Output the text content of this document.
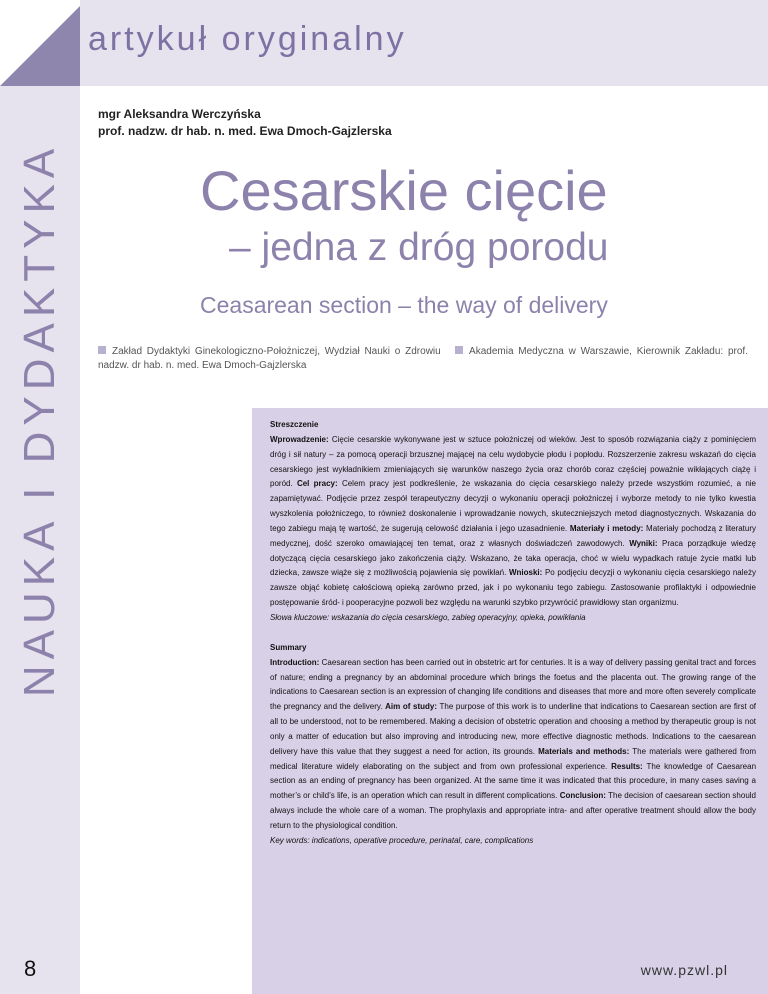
NAUKA I DYDAKTYKA
artykuł oryginalny
mgr Aleksandra Werczyńska
prof. nadzw. dr hab. n. med. Ewa Dmoch-Gajzlerska
Cesarskie cięcie
– jedna z dróg porodu
Ceasarean section – the way of delivery
Zakład Dydaktyki Ginekologiczno-Położniczej, Wydział Nauki o Zdrowiu	Akademia Medyczna w Warszawie, Kierownik Zakładu: prof. nadzw. dr hab. n. med. Ewa Dmoch-Gajzlerska

Streszczenie

Wprowadzenie: Cięcie cesarskie wykonywane jest w sztuce położniczej od wieków. Jest to sposób rozwiązania ciąży z pominięciem dróg i sił natury – za pomocą operacji brzusznej mającej na celu wydobycie płodu i popłodu. Rozszerzenie zakresu wskazań do cięcia cesarskiego jest wykładnikiem zmieniających się warunków naszego życia oraz chorób coraz częściej poważnie wikłających ciążę i poród. Cel pracy: Celem pracy jest podkreślenie, że wskazania do cięcia cesarskiego należy przede wszystkim rozumieć, a nie zapamiętywać. Podjęcie przez zespół terapeutyczny decyzji o wykonaniu operacji położniczej i wyborze metody to nie tylko kwestia wyszkolenia położniczego, to również doskonalenie i wprowadzanie nowych, skuteczniejszych metod diagnostycznych. Wskazania do tego zabiegu mają tę wartość, że sugerują celowość działania i jego uzasadnienie. Materiały i metody: Materiały pochodzą z literatury medycznej, dość szeroko omawiającej ten temat, oraz z własnych doświadczeń zawodowych. Wyniki: Praca porządkuje wiedzę dotyczącą cięcia cesarskiego jako zakończenia ciąży. Wskazano, że taka operacja, choć w wielu wypadkach ratuje życie matki lub dziecka, zawsze wiąże się z możliwością pojawienia się powikłań. Wnioski: Po podjęciu decyzji o wykonaniu cięcia cesarskiego należy zawsze objąć kobietę całościową opieką zarówno przed, jak i po wykonaniu tego zabiegu. Zastosowanie profilaktyki i odpowiednie postępowanie śród- i pooperacyjne pozwoli bez względu na warunki szybko przywrócić prawidłowy stan organizmu.

Słowa kluczowe: wskazania do cięcia cesarskiego, zabieg operacyjny, opieka, powikłania

Summary

Introduction: Caesarean section has been carried out in obstetric art for centuries. It is a way of delivery passing genital tract and forces of nature; ending a pregnancy by an abdominal procedure which brings the foetus and the placenta out. The growing range of the indications to Caesarean section is an expression of changing life conditions and diseases that more and more often severely complicate the pregnancy and the delivery. Aim of study: The purpose of this work is to underline that indications to Caesarean section are first of all to be understood, not to be remembered. Making a decision of obstetric operation and choosing a method by therapeutic group is not only a matter of education but also improving and introducing new, more effective diagnostic methods. Indications to the caesarean delivery have this value that they suggest a need for action, its grounds. Materials and methods: The materials were gathered from medical literature widely elaborating on the subject and from own professional experience. Results: The knowledge of Caesarean section as an ending of pregnancy has been organized. At the same time it was indicated that this procedure, in many cases saving a mother’s or child’s life, is an operation which can result in different complications. Conclusion: The decision of caesarean section should always include the whole care of a woman. The prophylaxis and appropriate intra- and after operative treatment should allow the body return to the physiological condition.

Key words: indications, operative procedure, perinatal, care, complications

8	www.pzwl.pl
